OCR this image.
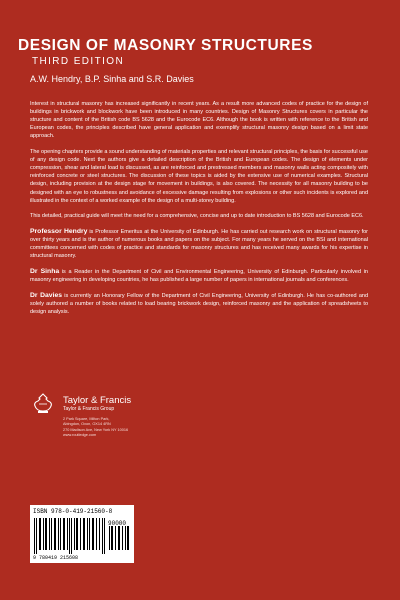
DESIGN OF MASONRY STRUCTURES
THIRD EDITION
A.W. Hendry, B.P. Sinha and S.R. Davies

Interest in structural masonry has increased significantly in recent years. As a result more advanced codes of practice for the design of buildings in brickwork and blockwork have been introduced in many countries. Design of Masonry Structures covers in particular the structure and content of the British code BS 5628 and the Eurocode EC6. Although the book is written with reference to the British and European codes, the principles described have general application and exemplify structural masonry design based on a limit state approach.

The opening chapters provide a sound understanding of materials properties and relevant structural principles, the basis for successful use of any design code. Next the authors give a detailed description of the British and European codes. The design of elements under compression, shear and lateral load is discussed, as are reinforced and prestressed members and masonry walls acting compositely with reinforced concrete or steel structures. The discussion of these topics is aided by the extensive use of numerical examples. Structural design, including provision at the design stage for movement in buildings, is also covered. The necessity for all masonry building to be designed with an eye to robustness and avoidance of excessive damage resulting from explosions or other such incidents is explored and illustrated in the context of a worked example of the design of a multi-storey building.

This detailed, practical guide will meet the need for a comprehensive, concise and up to date introduction to BS 5628 and Eurocode EC6.

Professor Hendry is Professor Emeritus at the University of Edinburgh. He has carried out research work on structural masonry for over thirty years and is the author of numerous books and papers on the subject. For many years he served on the BSI and international committees concerned with codes of practice and standards for masonry structures and has received many awards for his expertise in structural masonry.

Dr Sinha is a Reader in the Department of Civil and Environmental Engineering, University of Edinburgh. Particularly involved in masonry engineering in developing countries, he has published a large number of papers in international journals and conferences.

Dr Davies is currently an Honorary Fellow of the Department of Civil Engineering, University of Edinburgh. He has co-authored and solely authored a number of books related to load bearing brickwork design, reinforced masonry and the application of spreadsheets to design analysis.

Taylor & Francis
Taylor & Francis Group
2 Park Square, Milton Park,
Abingdon, Oxon, OX14 4RN
270 Madison Ave, New York NY 10016
www.routledge.com
ISBN 978-0-419-21560-8
90000
9 780419 215608
